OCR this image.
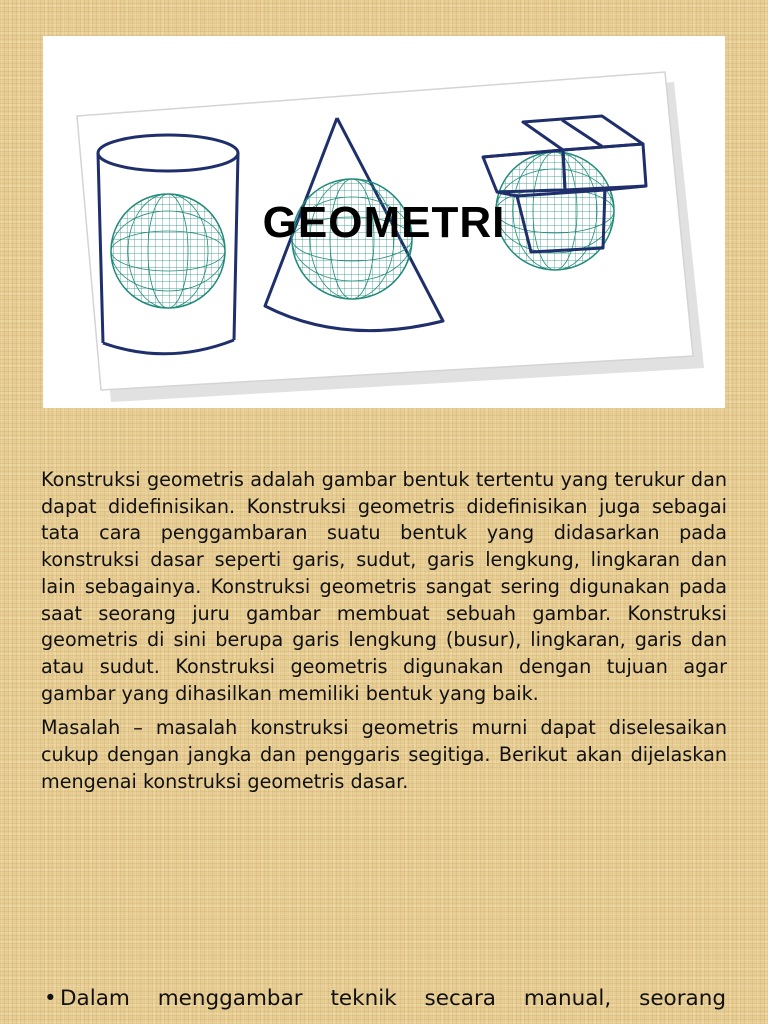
GEOMETRI

Konstruksi geometris adalah gambar bentuk tertentu yang terukur dan dapat didefinisikan. Konstruksi geometris didefinisikan juga sebagai tata cara penggambaran suatu bentuk yang didasarkan pada konstruksi dasar seperti garis, sudut, garis lengkung, lingkaran dan lain sebagainya. Konstruksi geometris sangat sering digunakan pada saat seorang juru gambar membuat sebuah gambar. Konstruksi geometris di sini berupa garis lengkung (busur), lingkaran, garis dan atau sudut. Konstruksi geometris digunakan dengan tujuan agar gambar yang dihasilkan memiliki bentuk yang baik.

Masalah – masalah konstruksi geometris murni dapat diselesaikan cukup dengan jangka dan penggaris segitiga. Berikut akan dijelaskan mengenai konstruksi geometris dasar.

• Dalam menggambar teknik secara manual, seorang
